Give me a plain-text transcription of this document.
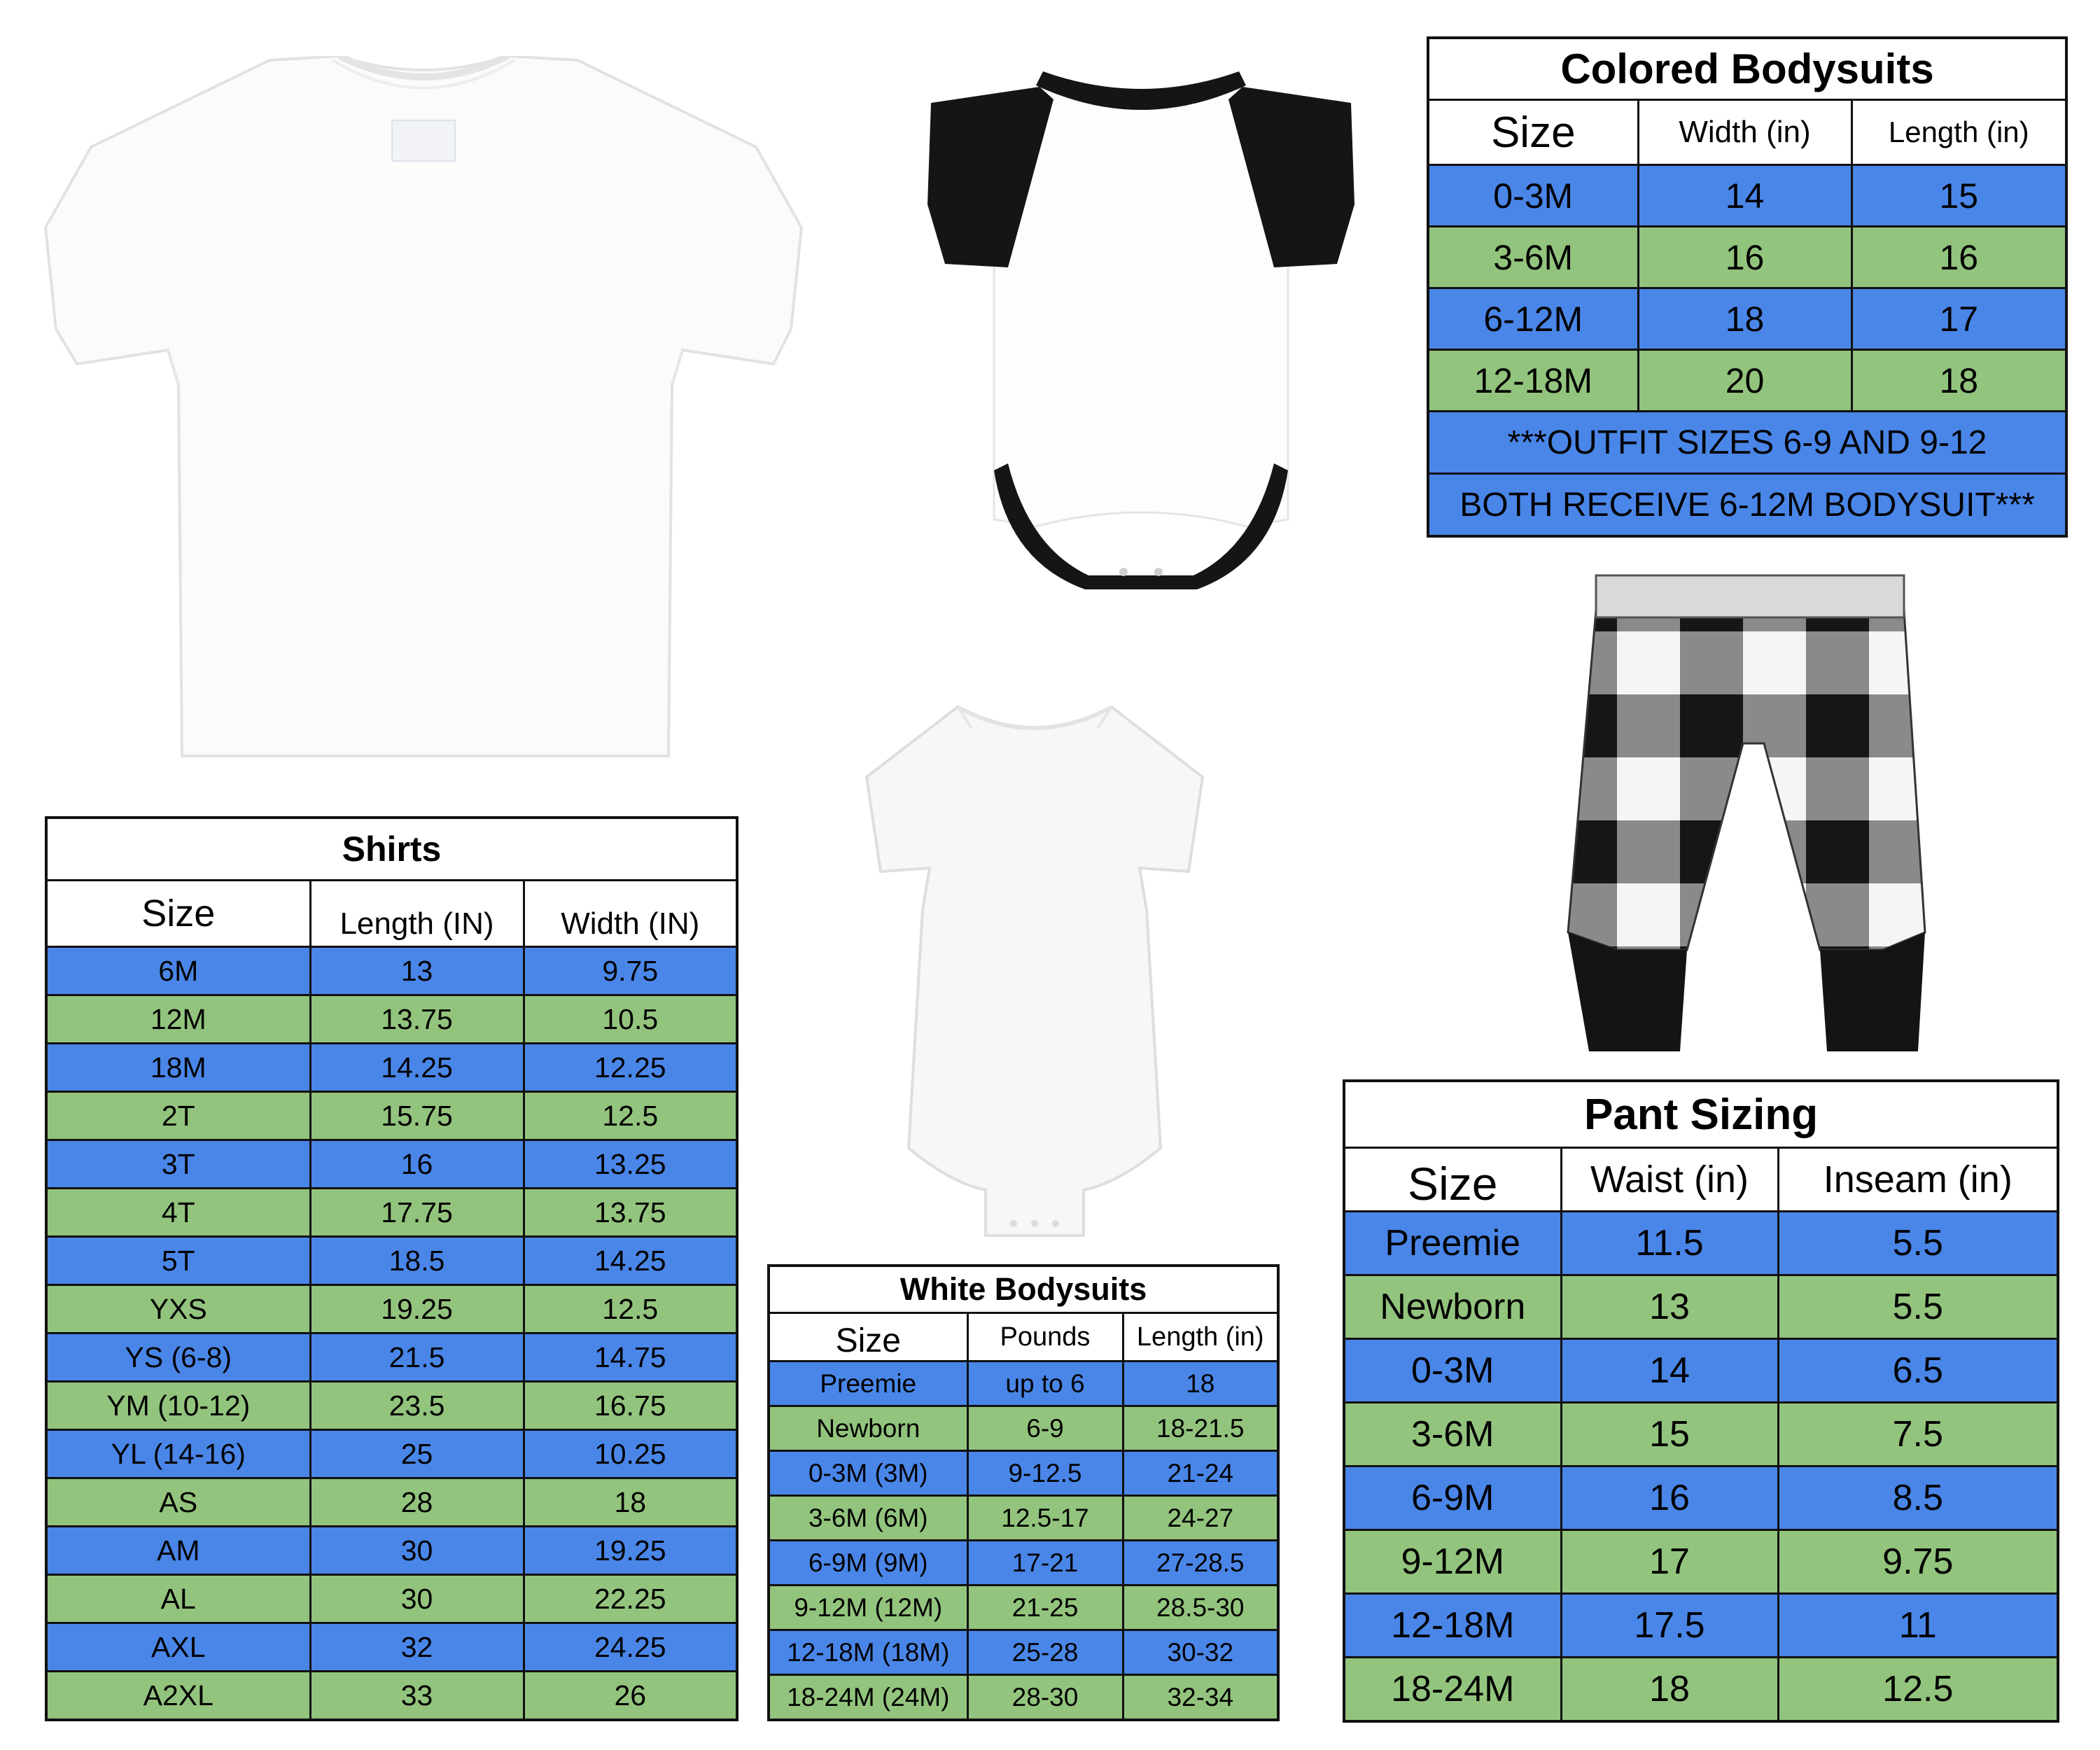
Colored Bodysuits		
Size	Width (in)	Length (in)
0-3M	14	15
3-6M	16	16
6-12M	18	17
12-18M	20	18
***OUTFIT SIZES 6-9 AND 9-12		
BOTH RECEIVE 6-12M BODYSUIT***		
Shirts		
Size	Length (IN)	Width (IN)
6M	13	9.75
12M	13.75	10.5
18M	14.25	12.25
2T	15.75	12.5
3T	16	13.25
4T	17.75	13.75
5T	18.5	14.25
YXS	19.25	12.5
YS (6-8)	21.5	14.75
YM (10-12)	23.5	16.75
YL (14-16)	25	10.25
AS	28	18
AM	30	19.25
AL	30	22.25
AXL	32	24.25
A2XL	33	26
White Bodysuits		
Size	Pounds	Length (in)
Preemie	up to 6	18
Newborn	6-9	18-21.5
0-3M (3M)	9-12.5	21-24
3-6M (6M)	12.5-17	24-27
6-9M (9M)	17-21	27-28.5
9-12M (12M)	21-25	28.5-30
12-18M (18M)	25-28	30-32
18-24M (24M)	28-30	32-34
Pant Sizing		
Size	Waist (in)	Inseam (in)
Preemie	11.5	5.5
Newborn	13	5.5
0-3M	14	6.5
3-6M	15	7.5
6-9M	16	8.5
9-12M	17	9.75
12-18M	17.5	11
18-24M	18	12.5
